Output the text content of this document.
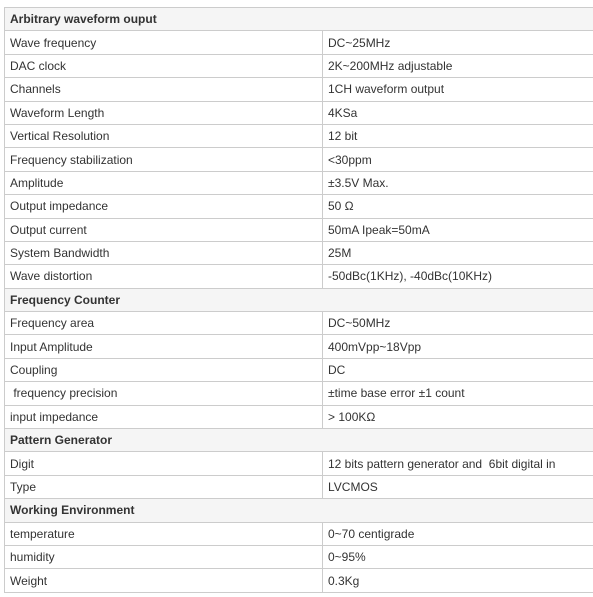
Arbitrary waveform ouput	
Wave frequency	DC~25MHz
DAC clock	2K~200MHz adjustable
Channels	1CH waveform output
Waveform Length	4KSa
Vertical Resolution	12 bit
Frequency stabilization	<30ppm
Amplitude	±3.5V Max.
Output impedance	50 Ω
Output current	50mA Ipeak=50mA
System Bandwidth	25M
Wave distortion	-50dBc(1KHz), -40dBc(10KHz)
Frequency Counter	
Frequency area	DC~50MHz
Input Amplitude	400mVpp~18Vpp
Coupling	DC
frequency precision	±time base error ±1 count
input impedance	> 100KΩ
Pattern Generator	
Digit	12 bits pattern generator and  6bit digital in
Type	LVCMOS
Working Environment	
temperature	0~70 centigrade
humidity	0~95%
Weight	0.3Kg
